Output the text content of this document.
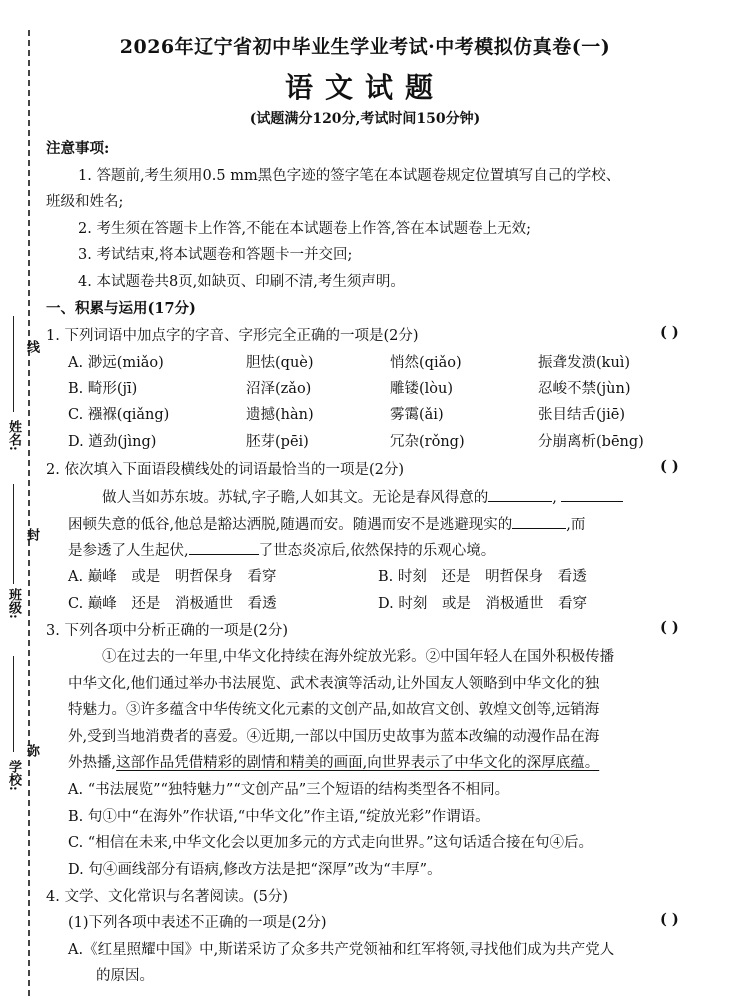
线
封
弥
姓名:
班级:
学校:
2026年辽宁省初中毕业生学业考试·中考模拟仿真卷(一)
语文试题
(试题满分120分,考试时间150分钟)
注意事项:
1. 答题前,考生须用0.5 mm黑色字迹的签字笔在本试题卷规定位置填写自己的学校、
班级和姓名;
2. 考生须在答题卡上作答,不能在本试题卷上作答,答在本试题卷上无效;
3. 考试结束,将本试题卷和答题卡一并交回;
4. 本试题卷共8页,如缺页、印刷不清,考生须声明。
一、积累与运用(17分)
1. 下列词语中加点字的字音、字形完全正确的一项是(2分)	( )
A. 渺远(miǎo)	胆怯(què)	悄然(qiǎo)	振聋发溃(kuì)
B. 畸形(jī)	沼泽(zǎo)	雕镂(lòu)	忍峻不禁(jùn)
C. 襁褓(qiǎng)	遗撼(hàn)	雾霭(ǎi)	张目结舌(jiē)
D. 遒劲(jìng)	胚芽(pēi)	冗杂(rǒng)	分崩离析(bēng)
2. 依次填入下面语段横线处的词语最恰当的一项是(2分)	( )
做人当如苏东坡。苏轼,字子瞻,人如其文。无论是春风得意的	,
困顿失意的低谷,他总是豁达洒脱,随遇而安。随遇而安不是逃避现实的	,而
是参透了人生起伏,	了世态炎凉后,依然保持的乐观心境。
A. 巅峰 或是 明哲保身 看穿	B. 时刻 还是 明哲保身 看透
C. 巅峰 还是 消极遁世 看透	D. 时刻 或是 消极遁世 看穿
3. 下列各项中分析正确的一项是(2分)	( )
①在过去的一年里,中华文化持续在海外绽放光彩。②中国年轻人在国外积极传播
中华文化,他们通过举办书法展览、武术表演等活动,让外国友人领略到中华文化的独
特魅力。③许多蕴含中华传统文化元素的文创产品,如故宫文创、敦煌文创等,远销海
外,受到当地消费者的喜爱。④近期,一部以中国历史故事为蓝本改编的动漫作品在海
外热播,这部作品凭借精彩的剧情和精美的画面,向世界表示了中华文化的深厚底蕴。
A. “书法展览”“独特魅力”“文创产品”三个短语的结构类型各不相同。
B. 句①中“在海外”作状语,“中华文化”作主语,“绽放光彩”作谓语。
C. “相信在未来,中华文化会以更加多元的方式走向世界。”这句话适合接在句④后。
D. 句④画线部分有语病,修改方法是把“深厚”改为“丰厚”。
4. 文学、文化常识与名著阅读。(5分)
(1)下列各项中表述不正确的一项是(2分)	( )
A.《红星照耀中国》中,斯诺采访了众多共产党领袖和红军将领,寻找他们成为共产党人
的原因。
